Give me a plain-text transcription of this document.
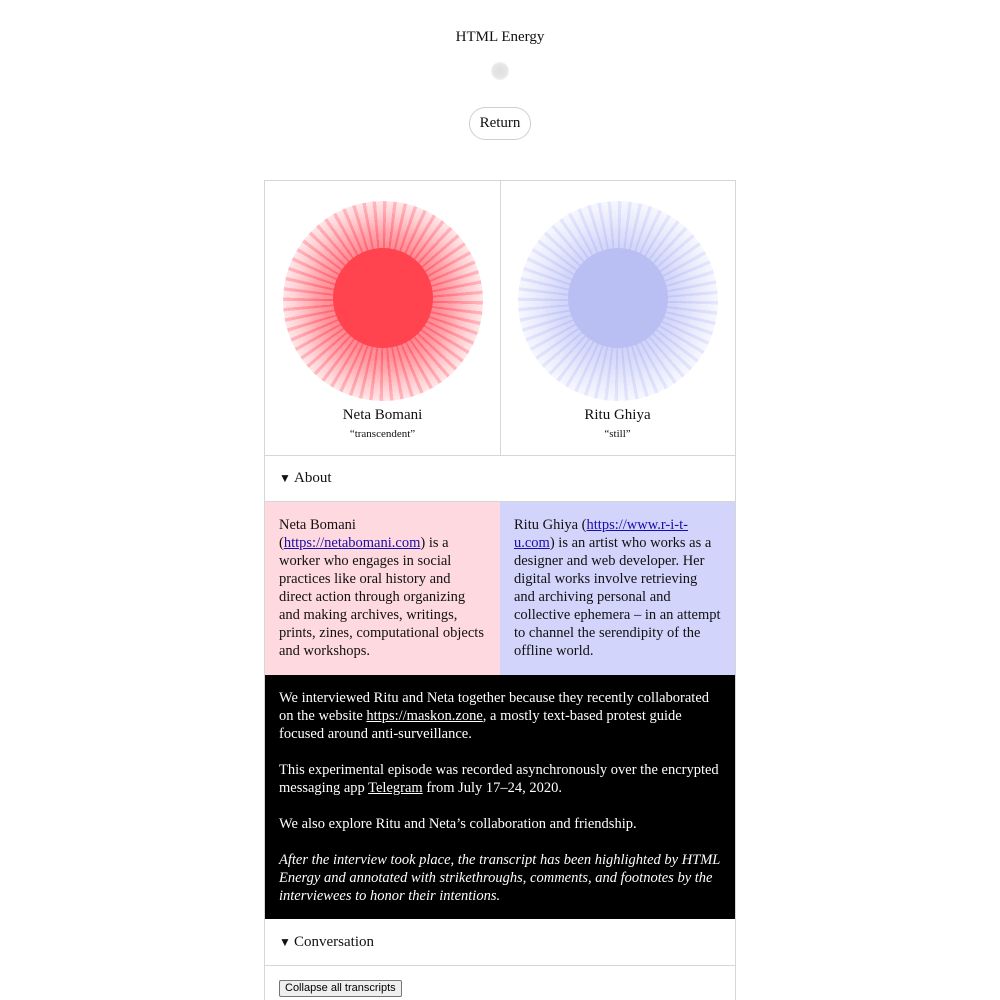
HTML Energy
Return
Neta Bomani
“transcendent”
Ritu Ghiya
“still”
▼ About
Neta Bomani (https://netabomani.com) is a worker who engages in social practices like oral history and direct action through organizing and making archives, writings, prints, zines, computational objects and workshops.
Ritu Ghiya (https://www.r-i-t-u.com) is an artist who works as a designer and web developer. Her digital works involve retrieving and archiving personal and collective ephemera – in an attempt to channel the serendipity of the offline world.

We interviewed Ritu and Neta together because they recently collaborated on the website https://maskon.zone, a mostly text-based protest guide focused around anti-surveillance.

This experimental episode was recorded asynchronously over the encrypted messaging app Telegram from July 17–24, 2020.

We also explore Ritu and Neta’s collaboration and friendship.

After the interview took place, the transcript has been highlighted by HTML Energy and annotated with strikethroughs, comments, and footnotes by the interviewees to honor their intentions.

▼ Conversation
Collapse all transcripts
